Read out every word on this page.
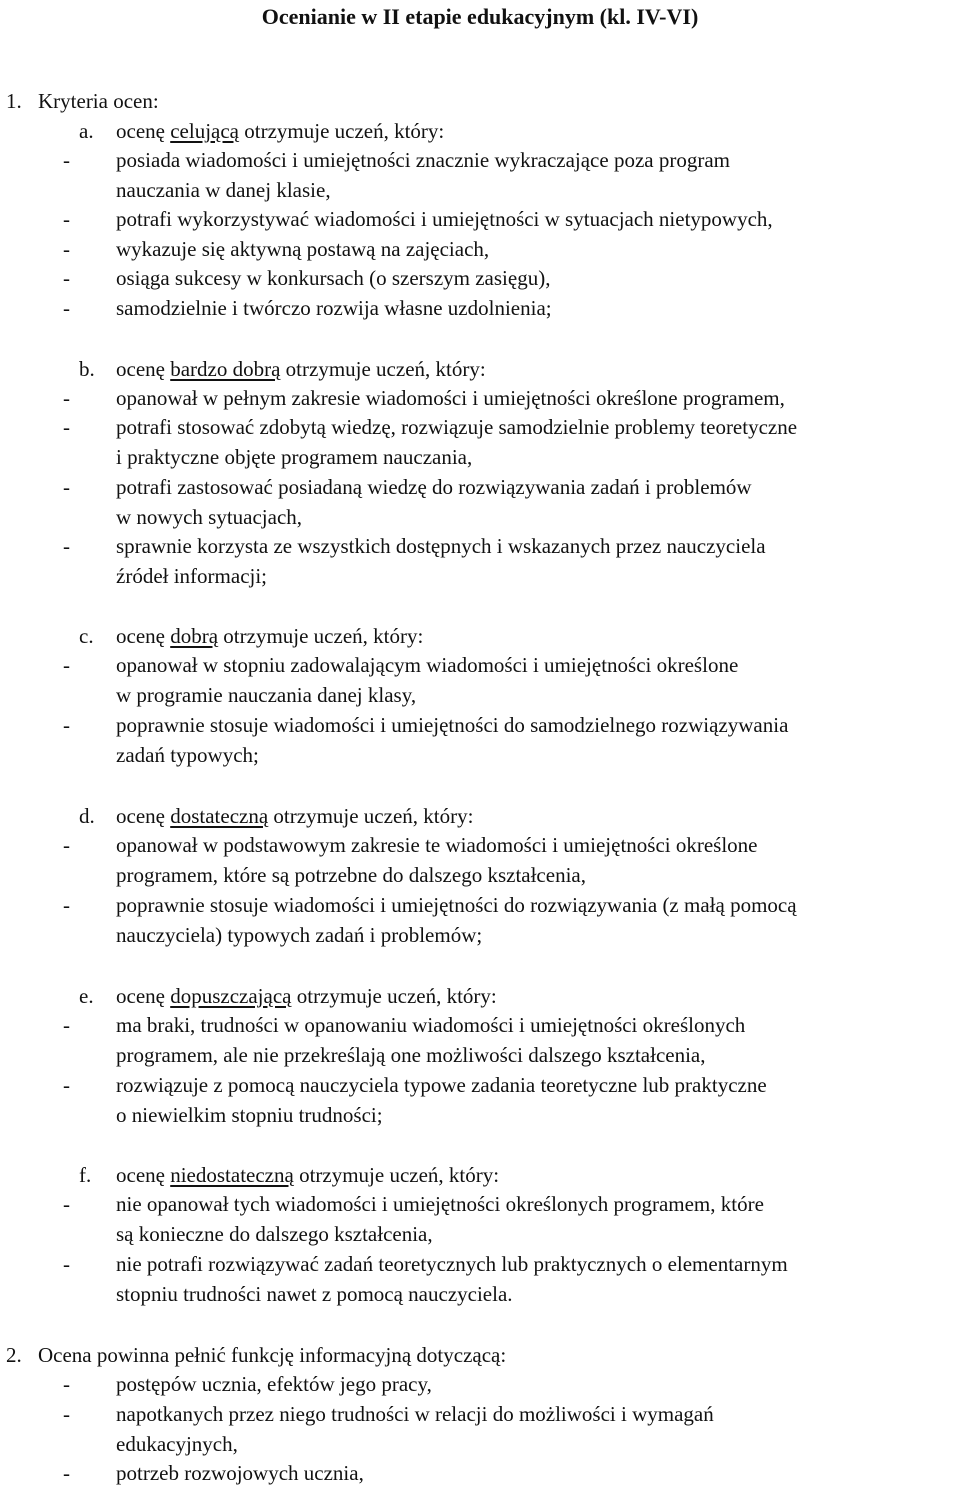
Ocenianie w II etapie edukacyjnym (kl. IV-VI)
1. Kryteria ocen:
a. ocenę celującą otrzymuje uczeń, który:
- posiada wiadomości i umiejętności znacznie wykraczające poza program
nauczania w danej klasie,
- potrafi wykorzystywać wiadomości i umiejętności w sytuacjach nietypowych,
- wykazuje się aktywną postawą na zajęciach,
- osiąga sukcesy w konkursach (o szerszym zasięgu),
- samodzielnie i twórczo rozwija własne uzdolnienia;
b. ocenę bardzo dobrą otrzymuje uczeń, który:
- opanował w pełnym zakresie wiadomości i umiejętności określone programem,
- potrafi stosować zdobytą wiedzę, rozwiązuje samodzielnie problemy teoretyczne
i praktyczne objęte programem nauczania,
- potrafi zastosować posiadaną wiedzę do rozwiązywania zadań i problemów
w nowych sytuacjach,
- sprawnie korzysta ze wszystkich dostępnych i wskazanych przez nauczyciela
źródeł informacji;
c. ocenę dobrą otrzymuje uczeń, który:
- opanował w stopniu zadowalającym wiadomości i umiejętności określone
w programie nauczania danej klasy,
- poprawnie stosuje wiadomości i umiejętności do samodzielnego rozwiązywania
zadań typowych;
d. ocenę dostateczną otrzymuje uczeń, który:
- opanował w podstawowym zakresie te wiadomości i umiejętności określone
programem, które są potrzebne do dalszego kształcenia,
- poprawnie stosuje wiadomości i umiejętności do rozwiązywania (z małą pomocą
nauczyciela) typowych zadań i problemów;
e. ocenę dopuszczającą otrzymuje uczeń, który:
- ma braki, trudności w opanowaniu wiadomości i umiejętności określonych
programem, ale nie przekreślają one możliwości dalszego kształcenia,
- rozwiązuje z pomocą nauczyciela typowe zadania teoretyczne lub praktyczne
o niewielkim stopniu trudności;
f. ocenę niedostateczną otrzymuje uczeń, który:
- nie opanował tych wiadomości i umiejętności określonych programem, które
są konieczne do dalszego kształcenia,
- nie potrafi rozwiązywać zadań teoretycznych lub praktycznych o elementarnym
stopniu trudności nawet z pomocą nauczyciela.
2. Ocena powinna pełnić funkcję informacyjną dotyczącą:
- postępów ucznia, efektów jego pracy,
- napotkanych przez niego trudności w relacji do możliwości i wymagań
edukacyjnych,
- potrzeb rozwojowych ucznia,
